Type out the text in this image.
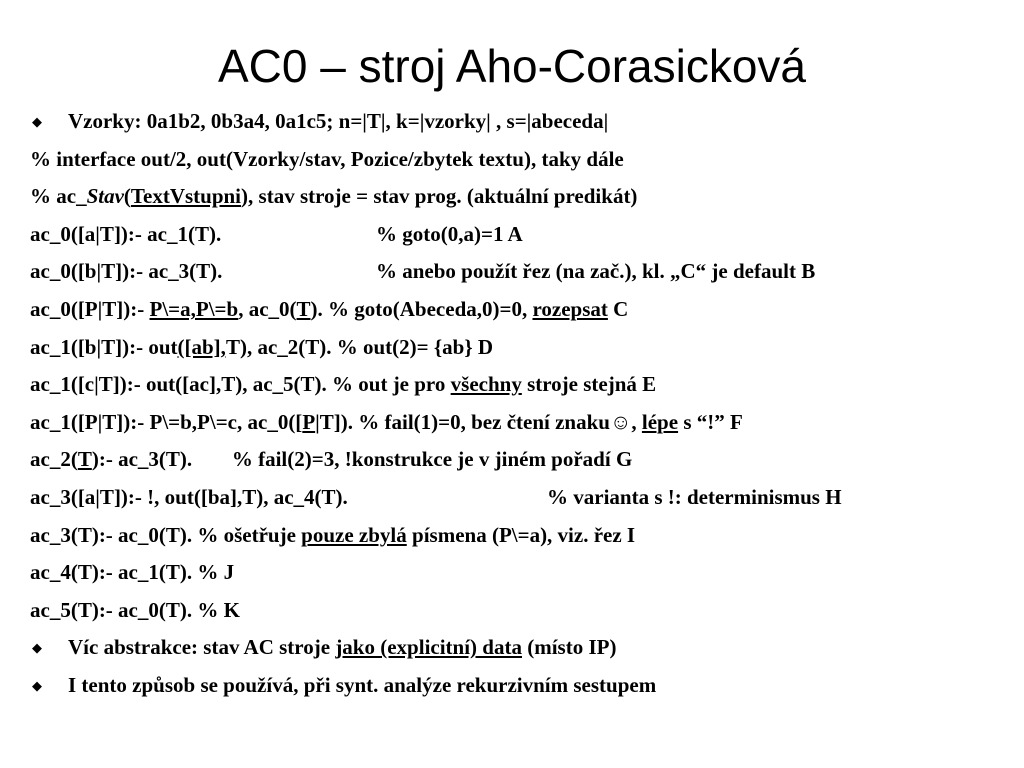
AC0 – stroj Aho-Corasicková
◆ Vzorky: 0a1b2, 0b3a4, 0a1c5; n=|T|, k=|vzorky| , s=|abeceda|
% interface out/2, out(Vzorky/stav, Pozice/zbytek textu), taky dále
% ac_Stav(TextVstupni), stav stroje = stav prog. (aktuální predikát)
ac_0([a|T]):- ac_1(T).	% goto(0,a)=1 A
ac_0([b|T]):- ac_3(T).	% anebo použít řez (na zač.), kl. „C“ je default B
ac_0([P|T]):- P\=a,P\=b, ac_0(T). % goto(Abeceda,0)=0, rozepsat C
ac_1([b|T]):- out([ab],T), ac_2(T). % out(2)= {ab} D
ac_1([c|T]):- out([ac],T), ac_5(T). % out je pro všechny stroje stejná E
ac_1([P|T]):- P\=b,P\=c, ac_0([P|T]). % fail(1)=0, bez čtení znaku☺, lépe s “!” F
ac_2(T):- ac_3(T). % fail(2)=3, !konstrukce je v jiném pořadí G
ac_3([a|T]):- !, out([ba],T), ac_4(T).	% varianta s !: determinismus H
ac_3(T):- ac_0(T). % ošetřuje pouze zbylá písmena (P\=a), viz. řez I
ac_4(T):- ac_1(T). % J
ac_5(T):- ac_0(T). % K
◆ Víc abstrakce: stav AC stroje jako (explicitní) data (místo IP)
◆ I tento způsob se používá, při synt. analýze rekurzivním sestupem
